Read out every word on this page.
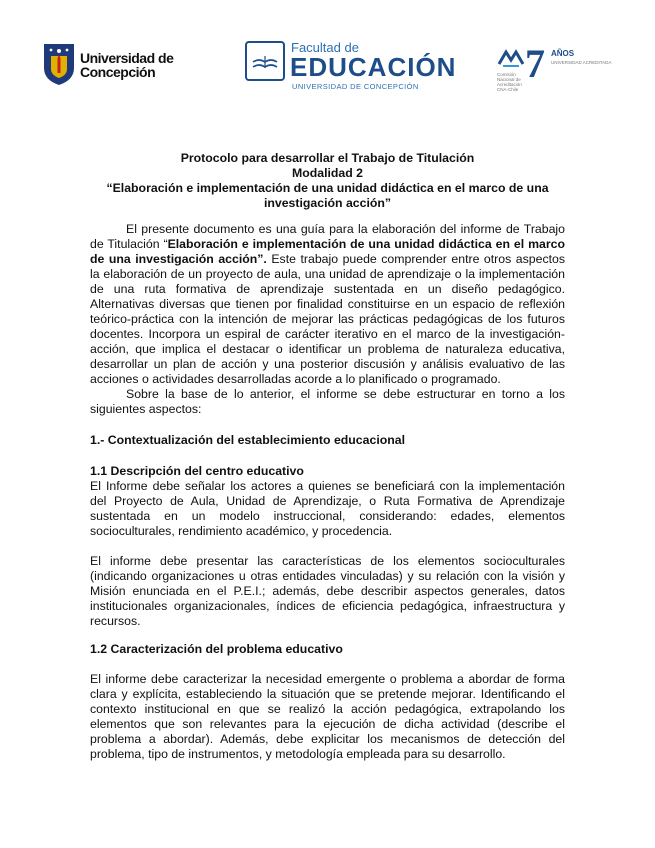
Universidad de Concepción
Facultad de
EDUCACIÓN
UNIVERSIDAD DE CONCEPCIÓN
7 AÑOS
UNIVERSIDAD ACREDITADA
Comisión Nacional de Acreditación CNA-Chile
Protocolo para desarrollar el Trabajo de Titulación
Modalidad 2
“Elaboración e implementación de una unidad didáctica en el marco de una investigación acción”

El presente documento es una guía para la elaboración del informe de Trabajo de Titulación “Elaboración e implementación de una unidad didáctica en el marco de una investigación acción”. Este trabajo puede comprender entre otros aspectos la elaboración de un proyecto de aula, una unidad de aprendizaje o la implementación de una ruta formativa de aprendizaje sustentada en un diseño pedagógico. Alternativas diversas que tienen por finalidad constituirse en un espacio de reflexión teórico-práctica con la intención de mejorar las prácticas pedagógicas de los futuros docentes. Incorpora un espiral de carácter iterativo en el marco de la investigación-acción, que implica el destacar o identificar un problema de naturaleza educativa, desarrollar un plan de acción y una posterior discusión y análisis evaluativo de las acciones o actividades desarrolladas acorde a lo planificado o programado.

Sobre la base de lo anterior, el informe se debe estructurar en torno a los siguientes aspectos:

1.- Contextualización del establecimiento educacional

1.1 Descripción del centro educativo

El Informe debe señalar los actores a quienes se beneficiará con la implementación del Proyecto de Aula, Unidad de Aprendizaje, o Ruta Formativa de Aprendizaje sustentada en un modelo instruccional, considerando: edades, elementos socioculturales, rendimiento académico, y procedencia.

El informe debe presentar las características de los elementos socioculturales (indicando organizaciones u otras entidades vinculadas) y su relación con la visión y Misión enunciada en el P.E.I.; además, debe describir aspectos generales, datos institucionales organizacionales, índices de eficiencia pedagógica, infraestructura y recursos.

1.2 Caracterización del problema educativo

El informe debe caracterizar la necesidad emergente o problema a abordar de forma clara y explícita, estableciendo la situación que se pretende mejorar. Identificando el contexto institucional en que se realizó la acción pedagógica, extrapolando los elementos que son relevantes para la ejecución de dicha actividad (describe el problema a abordar). Además, debe explicitar los mecanismos de detección del problema, tipo de instrumentos, y metodología empleada para su desarrollo.
